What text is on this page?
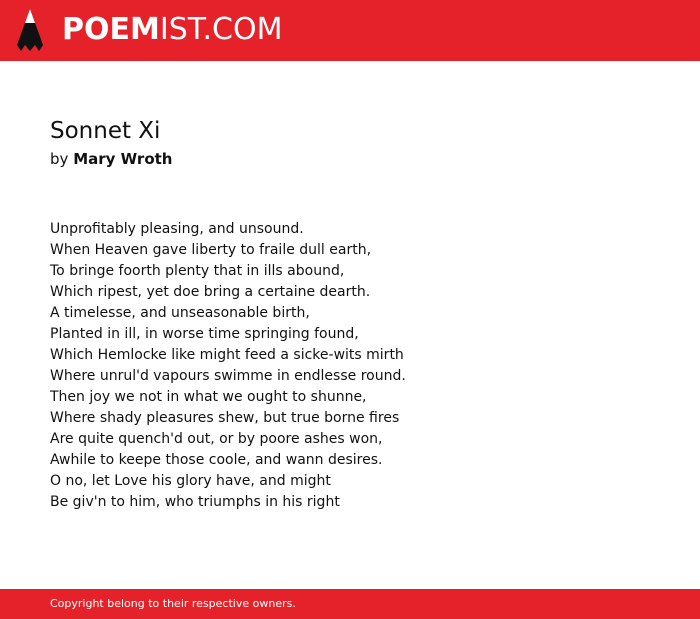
POEMIST.COM
Sonnet Xi
by Mary Wroth
Unprofitably pleasing, and unsound.
When Heaven gave liberty to fraile dull earth,
To bringe foorth plenty that in ills abound,
Which ripest, yet doe bring a certaine dearth.
A timelesse, and unseasonable birth,
Planted in ill, in worse time springing found,
Which Hemlocke like might feed a sicke-wits mirth
Where unrul'd vapours swimme in endlesse round.
Then joy we not in what we ought to shunne,
Where shady pleasures shew, but true borne fires
Are quite quench'd out, or by poore ashes won,
Awhile to keepe those coole, and wann desires.
O no, let Love his glory have, and might
Be giv'n to him, who triumphs in his right
Copyright belong to their respective owners.
